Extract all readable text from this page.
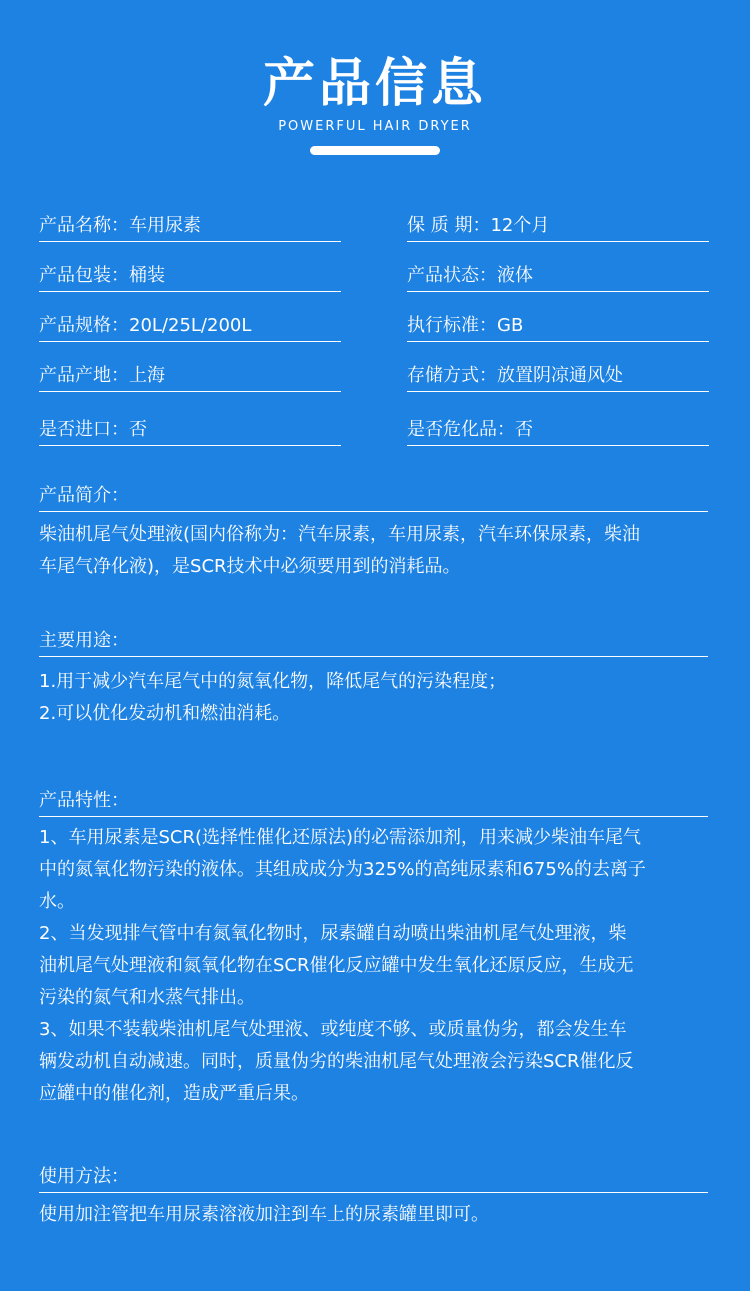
产品信息
POWERFUL HAIR DRYER
产品名称：车用尿素	保 质 期：12个月
产品包装：桶装	产品状态：液体
产品规格：20L/25L/200L	执行标准：GB
产品产地：上海	存储方式：放置阴凉通风处
是否进口：否	是否危化品：否
产品简介：

柴油机尾气处理液(国内俗称为：汽车尿素，车用尿素，汽车环保尿素，柴油

车尾气净化液)，是SCR技术中必须要用到的消耗品。

主要用途：

1.用于减少汽车尾气中的氮氧化物，降低尾气的污染程度；

2.可以优化发动机和燃油消耗。

产品特性：

1、车用尿素是SCR(选择性催化还原法)的必需添加剂，用来减少柴油车尾气

中的氮氧化物污染的液体。其组成成分为325%的高纯尿素和675%的去离子

水。

2、当发现排气管中有氮氧化物时，尿素罐自动喷出柴油机尾气处理液，柴

油机尾气处理液和氮氧化物在SCR催化反应罐中发生氧化还原反应，生成无

污染的氮气和水蒸气排出。

3、如果不装载柴油机尾气处理液、或纯度不够、或质量伪劣，都会发生车

辆发动机自动减速。同时，质量伪劣的柴油机尾气处理液会污染SCR催化反

应罐中的催化剂，造成严重后果。

使用方法：

使用加注管把车用尿素溶液加注到车上的尿素罐里即可。
